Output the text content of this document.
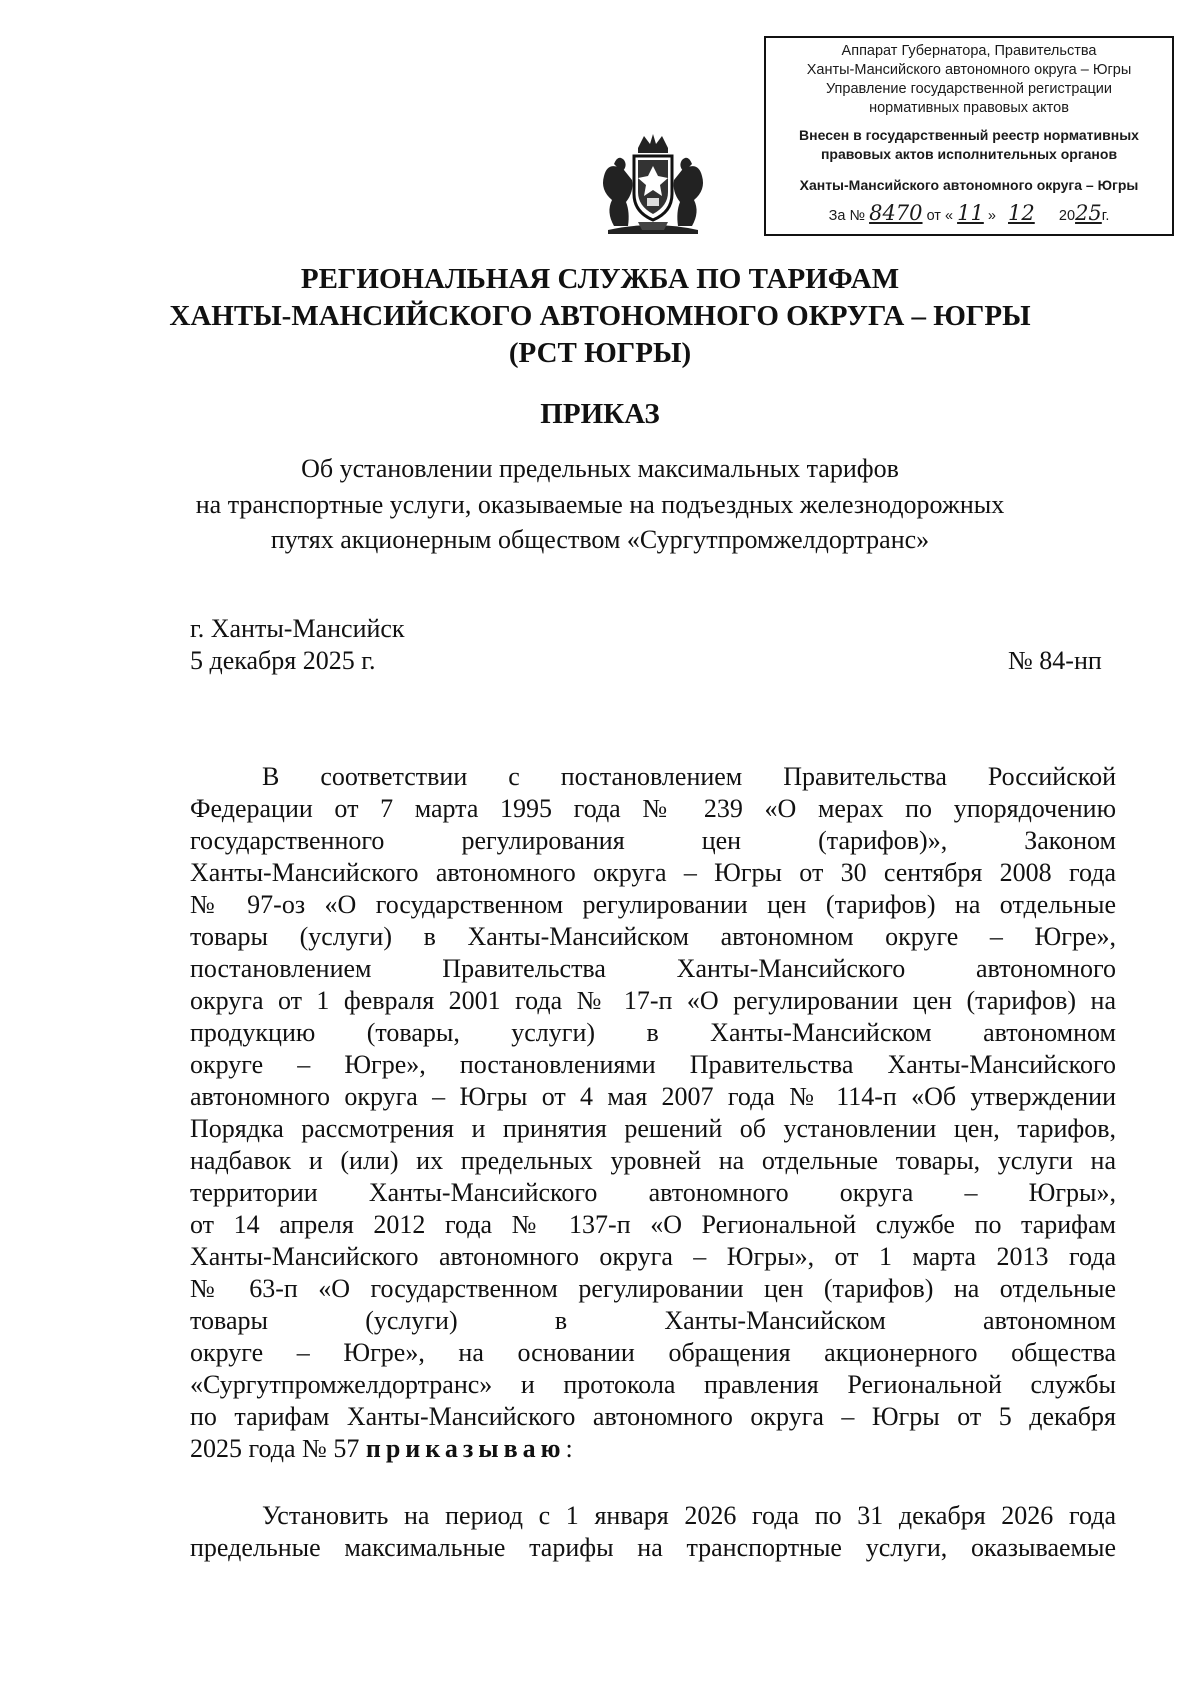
Аппарат Губернатора, Правительства
Ханты-Мансийского автономного округа – Югры
Управление государственной регистрации
нормативных правовых актов
Внесен в государственный реестр нормативных
правовых актов исполнительных органов
Ханты-Мансийского автономного округа – Югры
За № 8470 от « 11 » 12 2025г.
РЕГИОНАЛЬНАЯ СЛУЖБА ПО ТАРИФАМ
ХАНТЫ-МАНСИЙСКОГО АВТОНОМНОГО ОКРУГА – ЮГРЫ
(РСТ ЮГРЫ)
ПРИКАЗ
Об установлении предельных максимальных тарифов
на транспортные услуги, оказываемые на подъездных железнодорожных
путях акционерным обществом «Сургутпромжелдортранс»
г. Ханты-Мансийск
5 декабря 2025 г.	№ 84-нп
В соответствии с постановлением Правительства Российской
Федерации от 7 марта 1995 года № 239 «О мерах по упорядочению
государственного регулирования цен (тарифов)», Законом
Ханты-Мансийского автономного округа – Югры от 30 сентября 2008 года
№ 97-оз «О государственном регулировании цен (тарифов) на отдельные
товары (услуги) в Ханты-Мансийском автономном округе – Югре»,
постановлением Правительства Ханты-Мансийского автономного
округа от 1 февраля 2001 года № 17-п «О регулировании цен (тарифов) на
продукцию (товары, услуги) в Ханты-Мансийском автономном
округе – Югре», постановлениями Правительства Ханты-Мансийского
автономного округа – Югры от 4 мая 2007 года № 114-п «Об утверждении
Порядка рассмотрения и принятия решений об установлении цен, тарифов,
надбавок и (или) их предельных уровней на отдельные товары, услуги на
территории Ханты-Мансийского автономного округа – Югры»,
от 14 апреля 2012 года № 137-п «О Региональной службе по тарифам
Ханты-Мансийского автономного округа – Югры», от 1 марта 2013 года
№ 63-п «О государственном регулировании цен (тарифов) на отдельные
товары (услуги) в Ханты-Мансийском автономном
округе – Югре», на основании обращения акционерного общества
«Сургутпромжелдортранс» и протокола правления Региональной службы
по тарифам Ханты-Мансийского автономного округа – Югры от 5 декабря
2025 года № 57 приказываю:
Установить на период с 1 января 2026 года по 31 декабря 2026 года
предельные максимальные тарифы на транспортные услуги, оказываемые
